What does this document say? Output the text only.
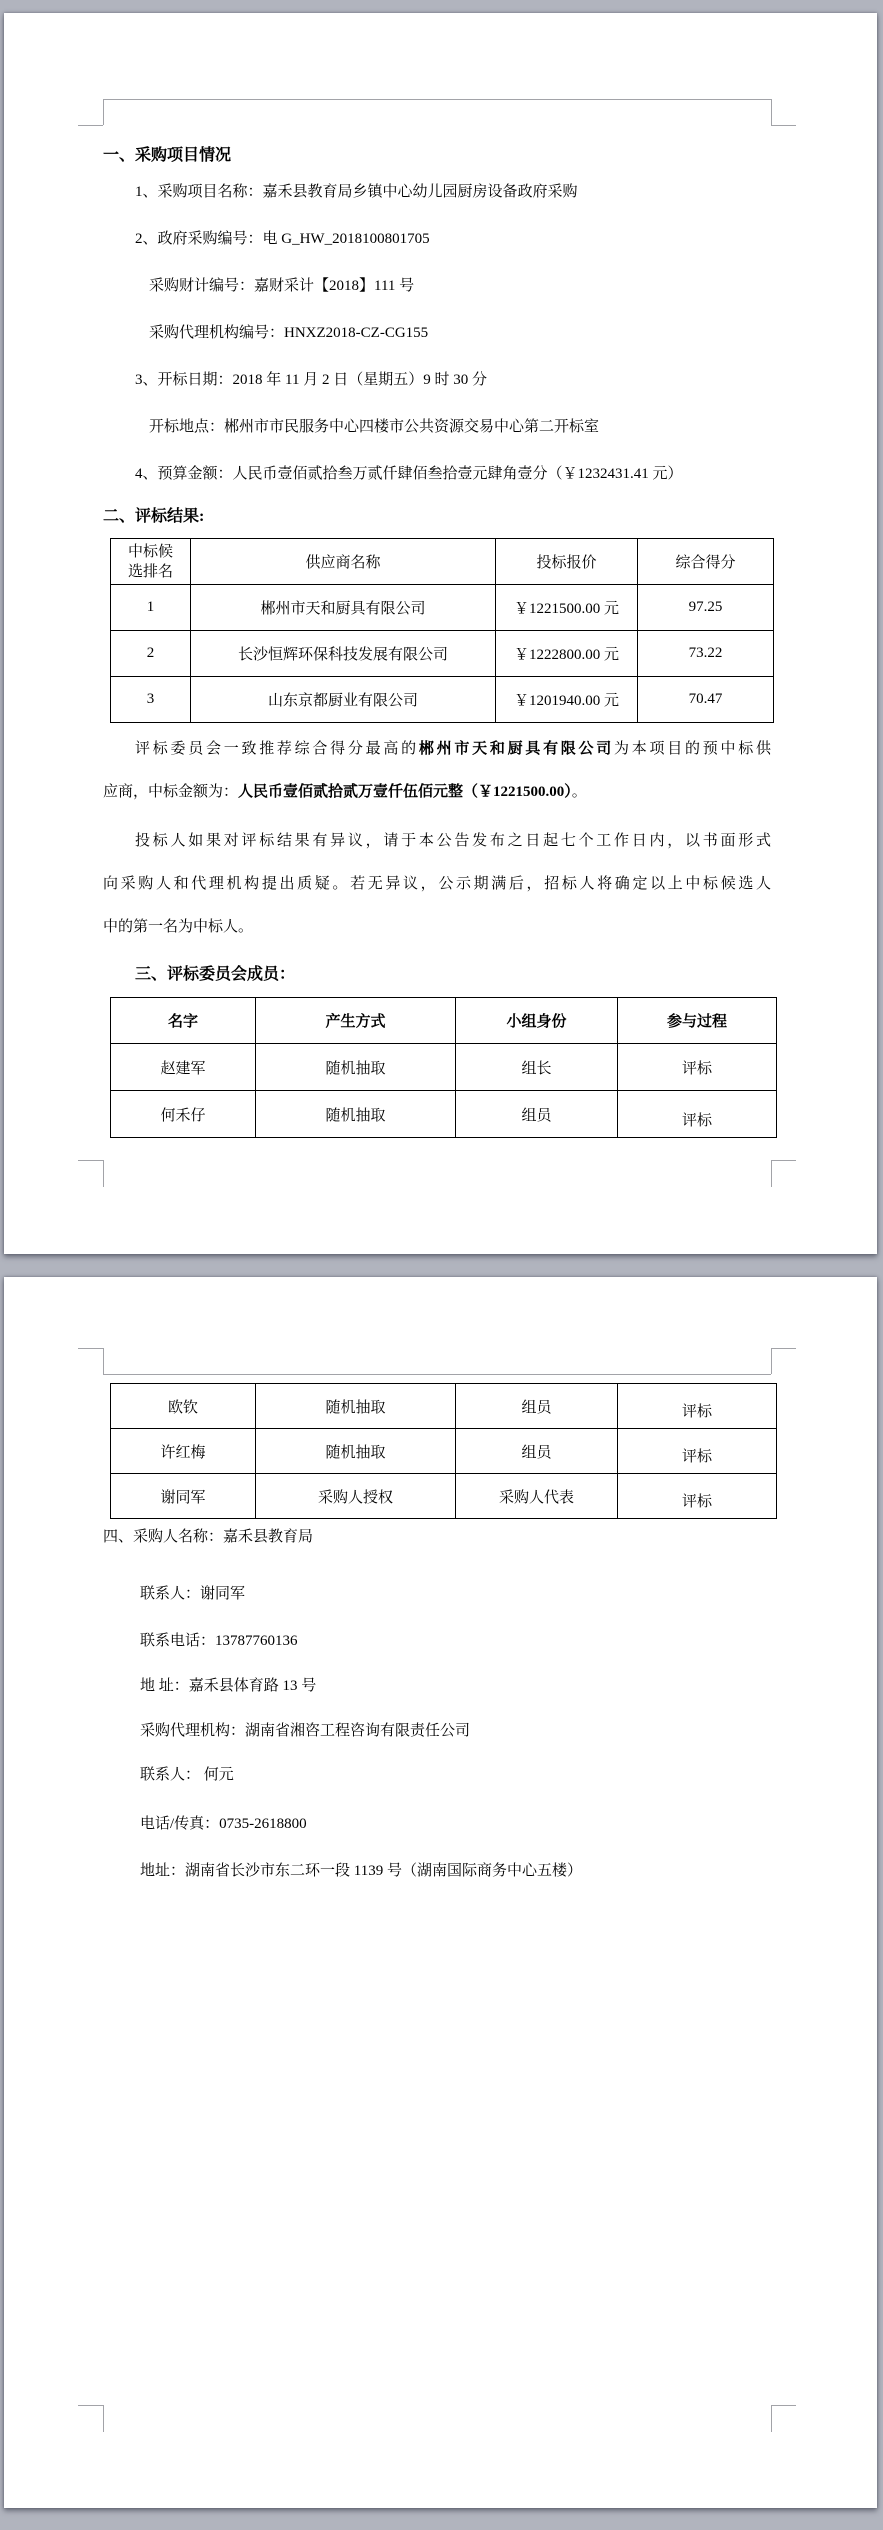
一、采购项目情况
1、采购项目名称：嘉禾县教育局乡镇中心幼儿园厨房设备政府采购
2、政府采购编号：电 G_HW_2018100801705
采购财计编号：嘉财采计【2018】111 号
采购代理机构编号：HNXZ2018-CZ-CG155
3、开标日期：2018 年 11 月 2 日（星期五）9 时 30 分
开标地点：郴州市市民服务中心四楼市公共资源交易中心第二开标室
4、预算金额：人民币壹佰贰拾叁万贰仟肆佰叁拾壹元肆角壹分（￥1232431.41 元）
二、评标结果:
中标候选排名	供应商名称	投标报价	综合得分
1	郴州市天和厨具有限公司	￥1221500.00 元	97.25
2	长沙恒辉环保科技发展有限公司	￥1222800.00 元	73.22
3	山东京都厨业有限公司	￥1201940.00 元	70.47
评标委员会一致推荐综合得分最高的郴州市天和厨具有限公司为本项目的预中标供
应商，中标金额为：人民币壹佰贰拾贰万壹仟伍佰元整（￥1221500.00）。
投标人如果对评标结果有异议，请于本公告发布之日起七个工作日内，以书面形式
向采购人和代理机构提出质疑。若无异议，公示期满后，招标人将确定以上中标候选人
中的第一名为中标人。
三、评标委员会成员：
名字	产生方式	小组身份	参与过程
赵建军	随机抽取	组长	评标
何禾仔	随机抽取	组员	评标
欧钦	随机抽取	组员	评标

许红梅	随机抽取	组员	评标

谢同军	采购人授权	采购人代表	评标
四、采购人名称：嘉禾县教育局
联系人：谢同军
联系电话：13787760136
地 址：嘉禾县体育路 13 号
采购代理机构：湖南省湘咨工程咨询有限责任公司
联系人： 何元
电话/传真：0735-2618800
地址：湖南省长沙市东二环一段 1139 号（湖南国际商务中心五楼）
